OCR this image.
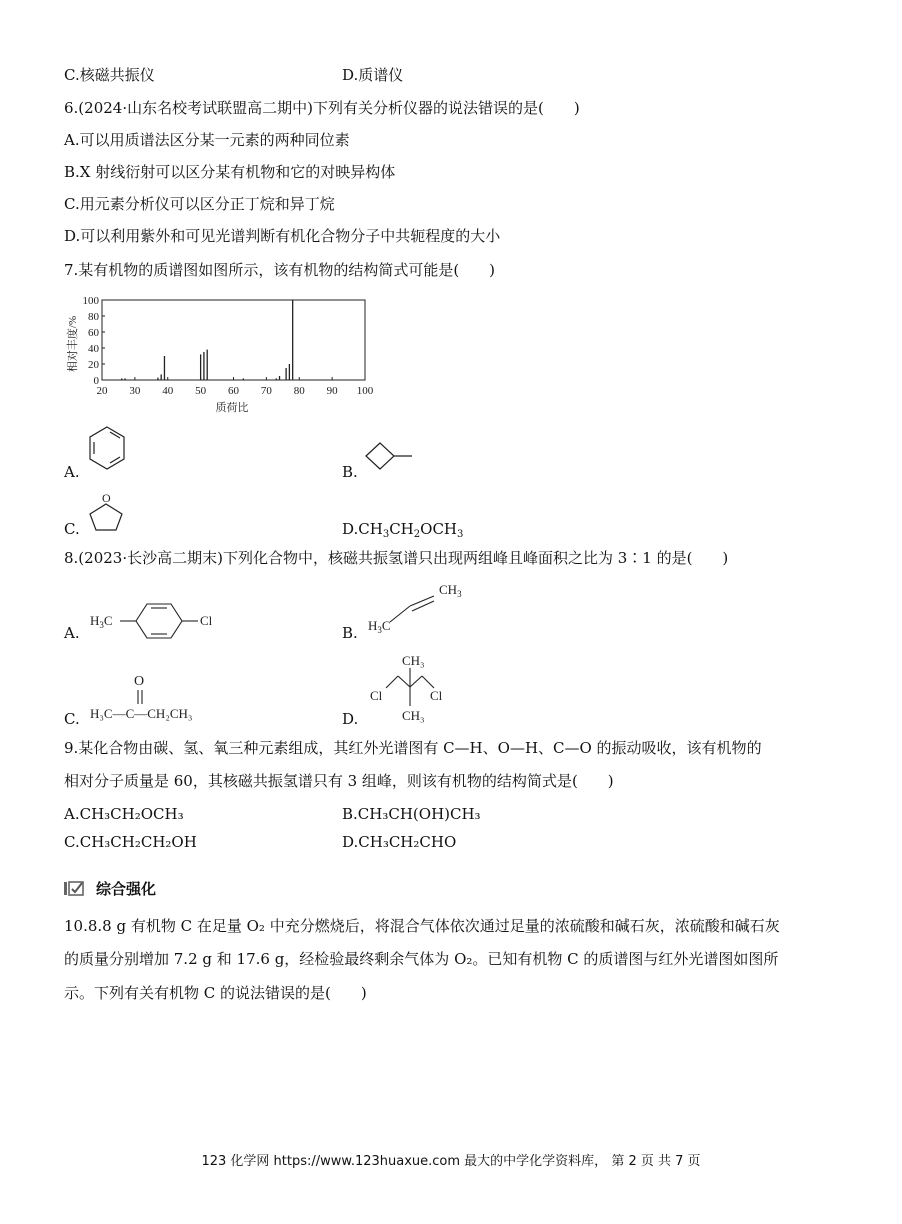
C.核磁共振仪	D.质谱仪
6.(2024·山东名校考试联盟高二期中)下列有关分析仪器的说法错误的是(　　)
A.可以用质谱法区分某一元素的两种同位素
B.X 射线衍射可以区分某有机物和它的对映异构体
C.用元素分析仪可以区分正丁烷和异丁烷
D.可以利用紫外和可见光谱判断有机化合物分子中共轭程度的大小
7.某有机物的质谱图如图所示，该有机物的结构简式可能是(　　)
0
20
40
60
80
100
20 30 40 50 60 70 80 90 100
相对丰度/%
质荷比
A.	B.
C.
O
$D.CH_3CH_2OCH_3$
8.(2023·长沙高二期末)下列化合物中，核磁共振氢谱只出现两组峰且峰面积之比为 3∶1 的是(　　)
A.
$H_3C$	Cl
B.
$CH_3$
$H_3C$
C.
O
H₃C—C—CH₂CH₃	D.
CH₃
Cl	Cl
CH₃
9.某化合物由碳、氢、氧三种元素组成，其红外光谱图有 C—H、O—H、C—O 的振动吸收，该有机物的
相对分子质量是 60，其核磁共振氢谱只有 3 组峰，则该有机物的结构简式是(　　)
A.CH₃CH₂OCH₃	B.CH₃CH(OH)CH₃
C.CH₃CH₂CH₂OH	D.CH₃CH₂CHO
综合强化
10.8.8 g 有机物 C 在足量 O₂ 中充分燃烧后，将混合气体依次通过足量的浓硫酸和碱石灰，浓硫酸和碱石灰
的质量分别增加 7.2 g 和 17.6 g，经检验最终剩余气体为 O₂。已知有机物 C 的质谱图与红外光谱图如图所
示。下列有关有机物 C 的说法错误的是(　　)
123 化学网 https://www.123huaxue.com 最大的中学化学资料库， 第 2 页 共 7 页
